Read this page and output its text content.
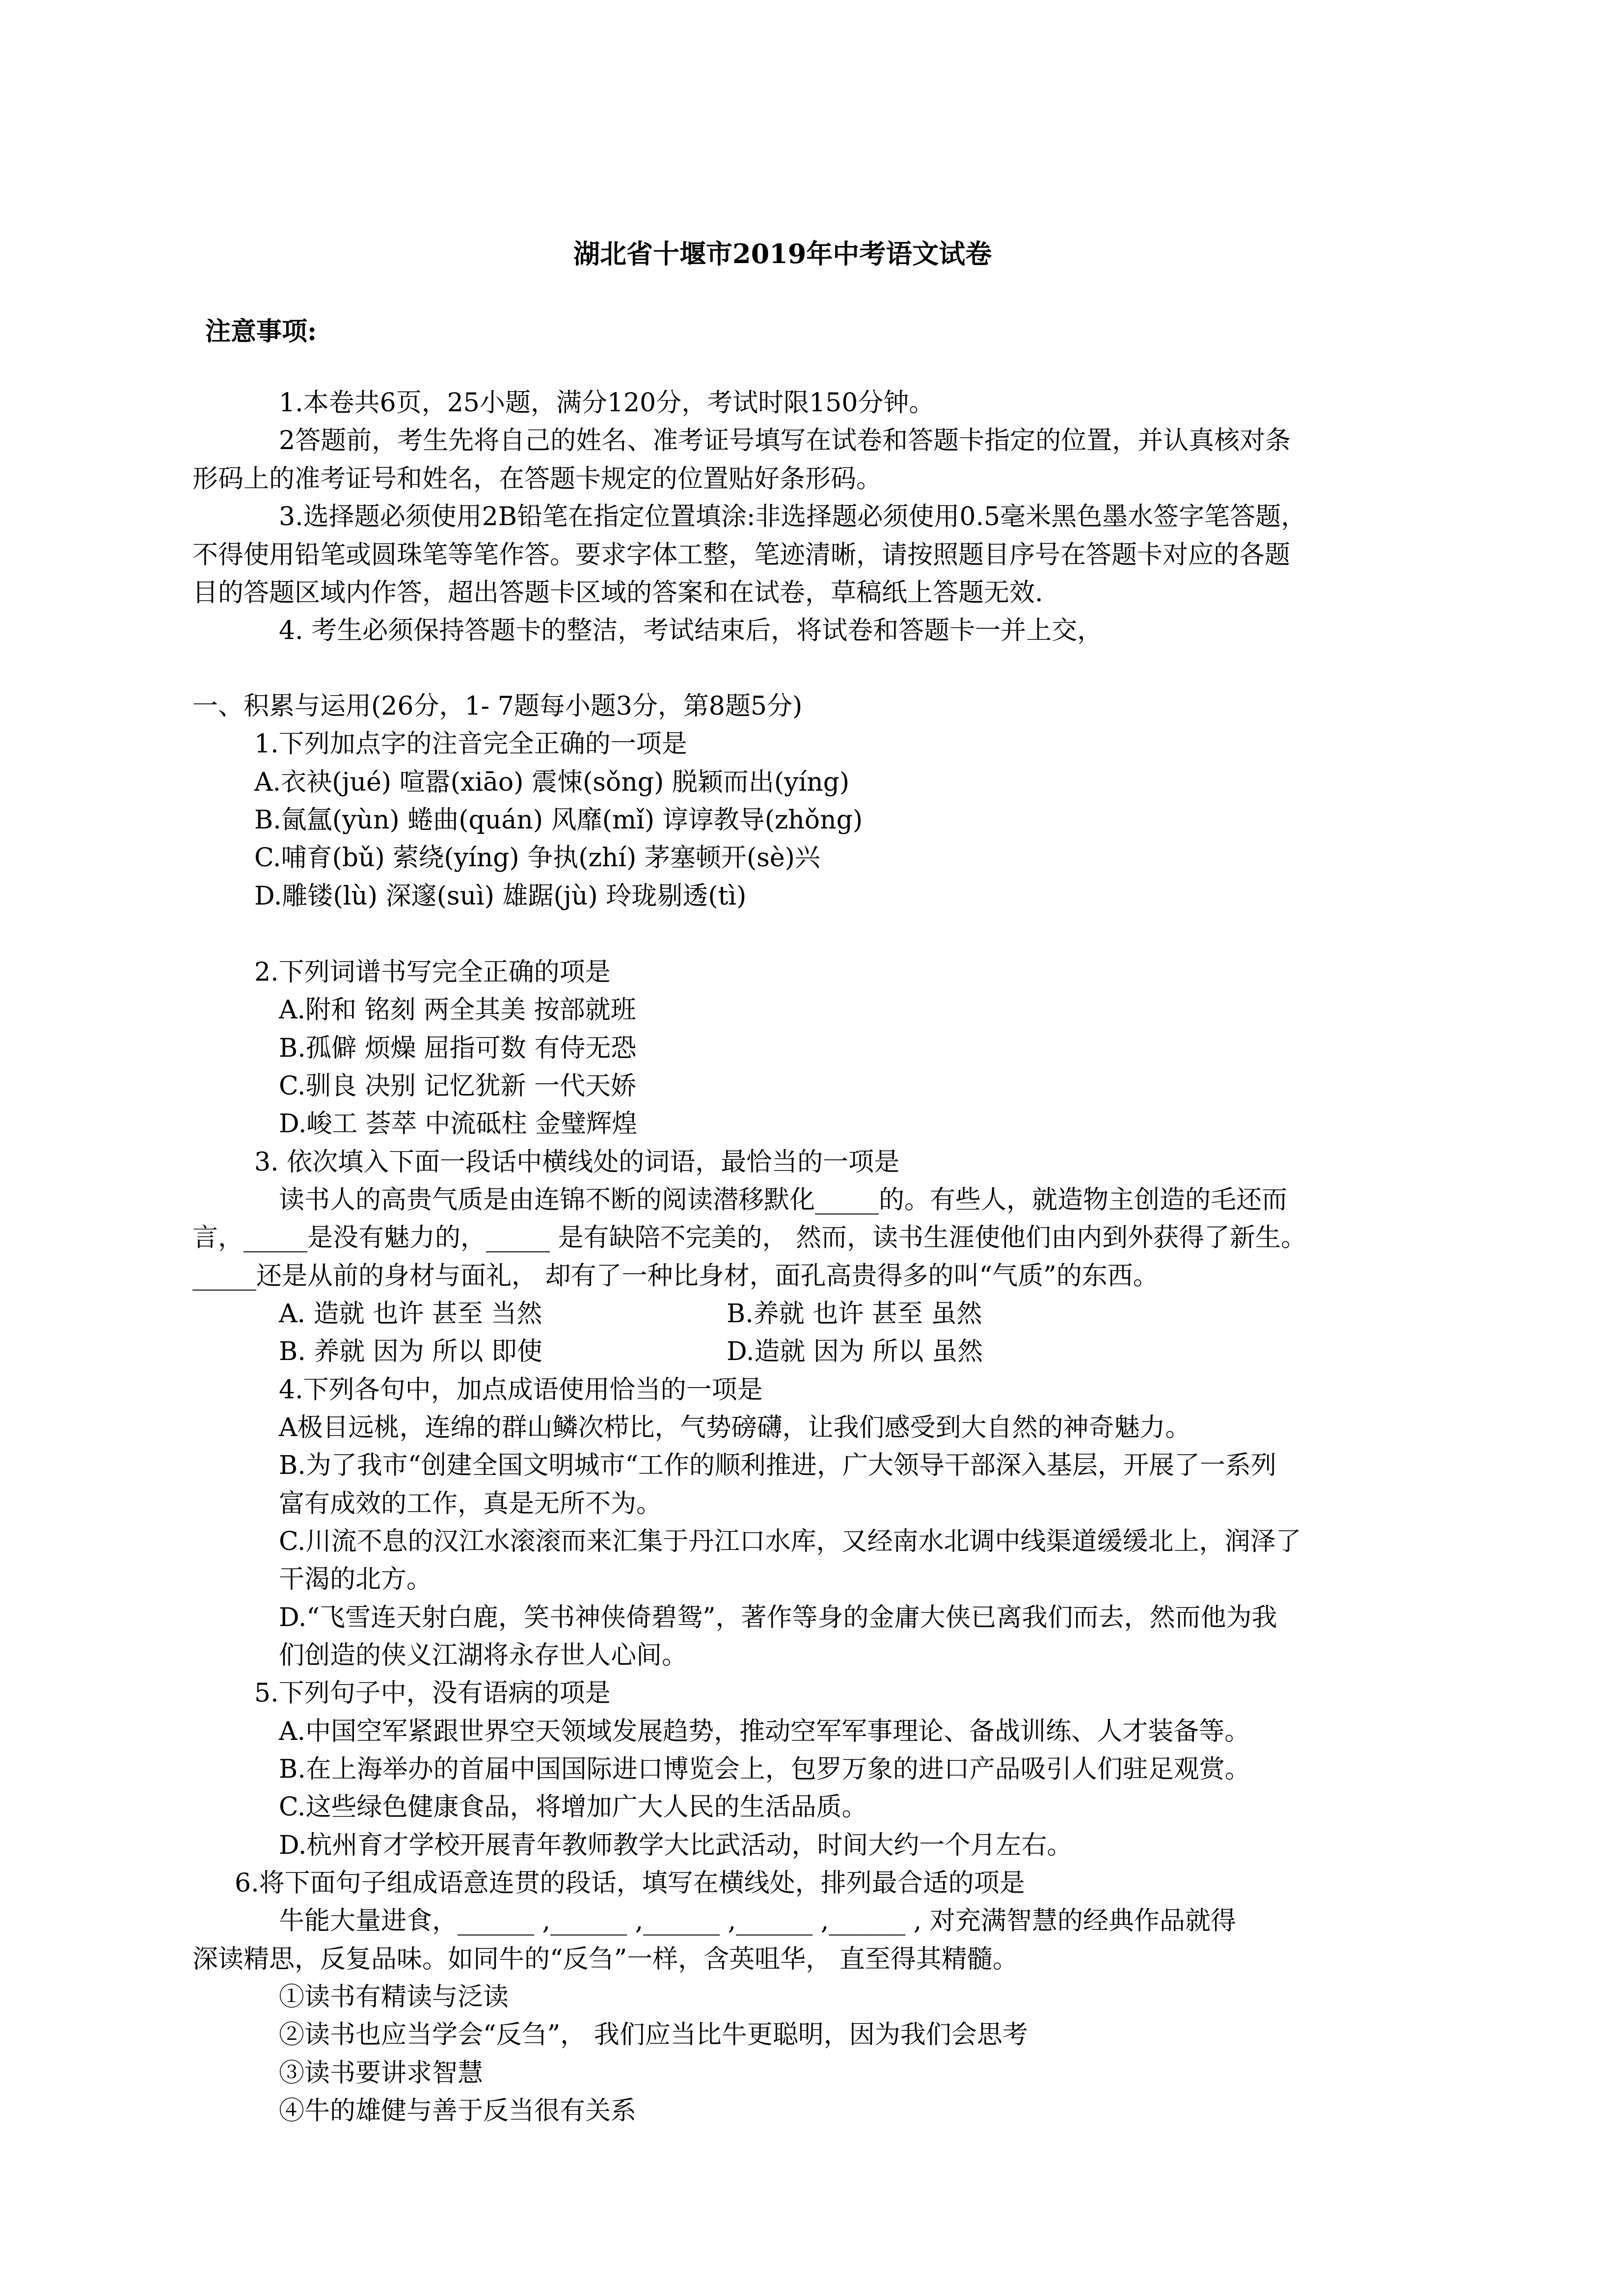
湖北省十堰市2019年中考语文试卷
注意事项:
1.本卷共6页，25小题，满分120分，考试时限150分钟。
2答题前，考生先将自己的姓名、准考证号填写在试卷和答题卡指定的位置，并认真核对条
形码上的准考证号和姓名，在答题卡规定的位置贴好条形码。
3.选择题必须使用2B铅笔在指定位置填涂:非选择题必须使用0.5毫米黑色墨水签字笔答题，
不得使用铅笔或圆珠笔等笔作答。要求字体工整，笔迹清晰，请按照题目序号在答题卡对应的各题
目的答题区域内作答，超出答题卡区域的答案和在试卷，草稿纸上答题无效.
4. 考生必须保持答题卡的整洁，考试结束后，将试卷和答题卡一并上交，
一、积累与运用(26分，1- 7题每小题3分，第8题5分)
1.下列加点字的注音完全正确的一项是
A.衣袂(jué) 喧嚣(xiāo) 震悚(sǒng) 脱颖而出(yíng)
B.氤氲(yùn) 蜷曲(quán) 风靡(mǐ) 谆谆教导(zhǒng)
C.哺育(bǔ) 萦绕(yíng) 争执(zhí) 茅塞顿开(sè)兴
D.雕镂(lù) 深邃(suì) 雄踞(jù) 玲珑剔透(tì)
2.下列词谱书写完全正确的项是
A.附和 铭刻 两全其美 按部就班
B.孤僻 烦燥 屈指可数 有侍无恐
C.驯良 决别 记忆犹新 一代天娇
D.峻工 荟萃 中流砥柱 金璧辉煌
3. 依次填入下面一段话中横线处的词语，最恰当的一项是
读书人的高贵气质是由连锦不断的阅读潜移默化_____的。有些人，就造物主创造的毛还而
言，_____是没有魅力的，_____ 是有缺陪不完美的， 然而，读书生涯使他们由内到外获得了新生。
_____还是从前的身材与面礼， 却有了一种比身材，面孔高贵得多的叫“气质”的东西。
A. 造就 也许 甚至 当然	B.养就 也许 甚至 虽然
B. 养就 因为 所以 即使	D.造就 因为 所以 虽然
4.下列各句中，加点成语使用恰当的一项是
A极目远桃，连绵的群山鳞次栉比，气势磅礴，让我们感受到大自然的神奇魅力。
B.为了我市“创建全国文明城市“工作的顺利推进，广大领导干部深入基层，开展了一系列
富有成效的工作，真是无所不为。
C.川流不息的汉江水滚滚而来汇集于丹江口水库，又经南水北调中线渠道缓缓北上，润泽了
干渴的北方。
D.“飞雪连天射白鹿，笑书神侠倚碧鸳”，著作等身的金庸大侠已离我们而去，然而他为我
们创造的侠义江湖将永存世人心间。
5.下列句子中，没有语病的项是
A.中国空军紧跟世界空天领域发展趋势，推动空军军事理论、备战训练、人才装备等。
B.在上海举办的首届中国国际进口博览会上，包罗万象的进口产品吸引人们驻足观赏。
C.这些绿色健康食品，将增加广大人民的生活品质。
D.杭州育才学校开展青年教师教学大比武活动，时间大约一个月左右。
6.将下面句子组成语意连贯的段话，填写在横线处，排列最合适的项是
牛能大量进食，______ ,______ ,______ ,______ ,______ , 对充满智慧的经典作品就得
深读精思，反复品味。如同牛的“反刍”一样，含英咀华， 直至得其精髓。
①读书有精读与泛读
②读书也应当学会“反刍”， 我们应当比牛更聪明，因为我们会思考
③读书要讲求智慧
④牛的雄健与善于反当很有关系
